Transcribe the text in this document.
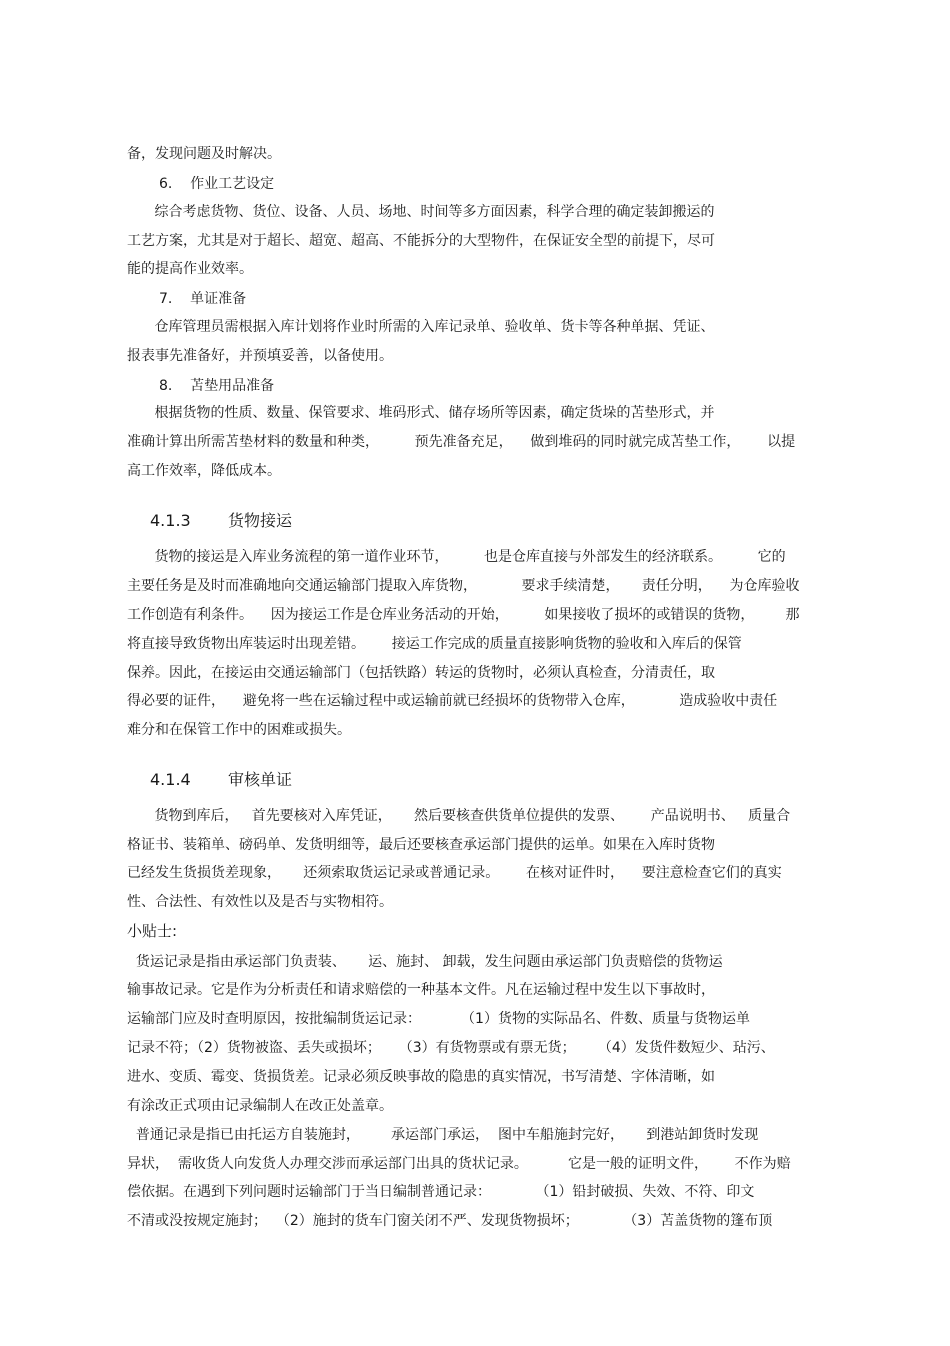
备，发现问题及时解决。
6.    作业工艺设定
综合考虑货物、货位、设备、人员、场地、时间等多方面因素，科学合理的确定装卸搬运的
工艺方案，尤其是对于超长、超宽、超高、不能拆分的大型物件，在保证安全型的前提下，尽可
能的提高作业效率。
7.    单证准备
仓库管理员需根据入库计划将作业时所需的入库记录单、验收单、货卡等各种单据、凭证、
报表事先准备好，并预填妥善，以备使用。
8.    苫垫用品准备
根据货物的性质、数量、保管要求、堆码形式、储存场所等因素，确定货垛的苫垫形式，并
准确计算出所需苫垫材料的数量和种类，        预先准备充足，    做到堆码的同时就完成苫垫工作，      以提
高工作效率，降低成本。
4.1.3 货物接运
货物的接运是入库业务流程的第一道作业环节，        也是仓库直接与外部发生的经济联系。        它的
主要任务是及时而准确地向交通运输部门提取入库货物，          要求手续清楚，     责任分明，    为仓库验收
工作创造有利条件。    因为接运工作是仓库业务活动的开始，        如果接收了损坏的或错误的货物，       那
将直接导致货物出库装运时出现差错。      接运工作完成的质量直接影响货物的验收和入库后的保管
保养。因此，在接运由交通运输部门（包括铁路）转运的货物时，必须认真检查，分清责任，取
得必要的证件，    避免将一些在运输过程中或运输前就已经损坏的货物带入仓库，          造成验收中责任
难分和在保管工作中的困难或损失。
4.1.4 审核单证
货物到库后，   首先要核对入库凭证，     然后要核查供货单位提供的发票、      产品说明书、   质量合
格证书、装箱单、磅码单、发货明细等，最后还要核查承运部门提供的运单。如果在入库时货物
已经发生货损货差现象，     还须索取货运记录或普通记录。      在核对证件时，    要注意检查它们的真实
性、合法性、有效性以及是否与实物相符。
小贴士:
货运记录是指由承运部门负责装、     运、施封、 卸载，发生问题由承运部门负责赔偿的货物运
输事故记录。它是作为分析责任和请求赔偿的一种基本文件。凡在运输过程中发生以下事故时，
运输部门应及时查明原因，按批编制货运记录：         （1）货物的实际品名、件数、质量与货物运单
记录不符；（2）货物被盗、丢失或损坏；    （3）有货物票或有票无货；     （4）发货件数短少、玷污、
进水、变质、霉变、货损货差。记录必须反映事故的隐患的真实情况，书写清楚、字体清晰，如
有涂改正式项由记录编制人在改正处盖章。
普通记录是指已由托运方自装施封，       承运部门承运，  图中车船施封完好，     到港站卸货时发现
异状，  需收货人向发货人办理交涉而承运部门出具的货状记录。         它是一般的证明文件，      不作为赔
偿依据。在遇到下列问题时运输部门于当日编制普通记录：          （1）铅封破损、失效、不符、印文
不清或没按规定施封；  （2）施封的货车门窗关闭不严、发现货物损坏；          （3）苫盖货物的篷布顶
